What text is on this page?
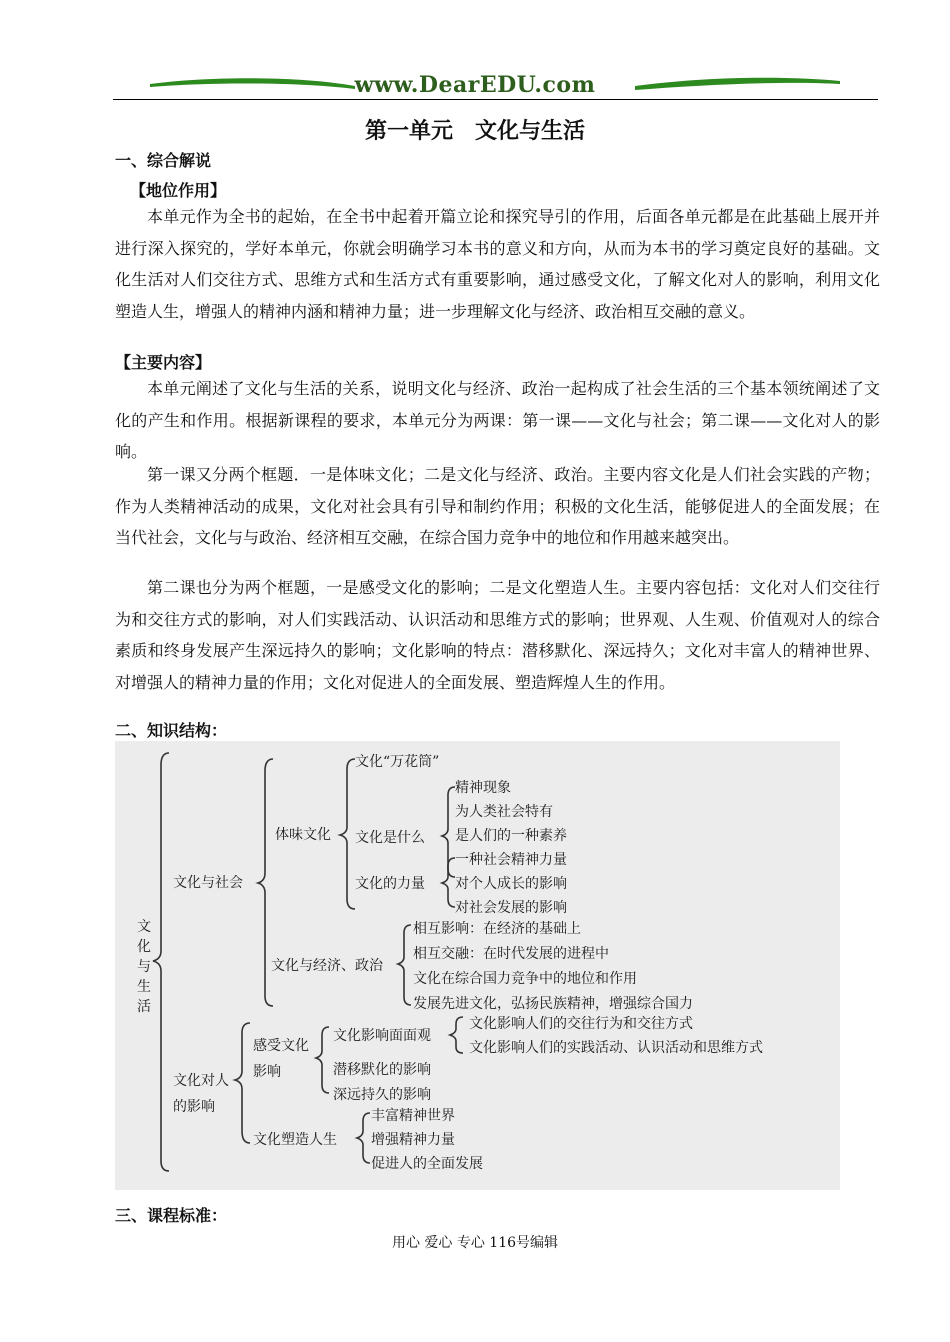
www.DearEDU.com
第一单元　文化与生活
一、综合解说
【地位作用】
本单元作为全书的起始，在全书中起着开篇立论和探究导引的作用，后面各单元都是在此基础上展开并进行深入探究的，学好本单元，你就会明确学习本书的意义和方向，从而为本书的学习奠定良好的基础。文化生活对人们交往方式、思维方式和生活方式有重要影响，通过感受文化，了解文化对人的影响，利用文化塑造人生，增强人的精神内涵和精神力量；进一步理解文化与经济、政治相互交融的意义。
【主要内容】
本单元阐述了文化与生活的关系，说明文化与经济、政治一起构成了社会生活的三个基本领统阐述了文化的产生和作用。根据新课程的要求，本单元分为两课：第一课——文化与社会；第二课——文化对人的影响。
第一课又分两个框题．一是体味文化；二是文化与经济、政治。主要内容文化是人们社会实践的产物；作为人类精神活动的成果，文化对社会具有引导和制约作用；积极的文化生活，能够促进人的全面发展；在当代社会，文化与与政治、经济相互交融，在综合国力竞争中的地位和作用越来越突出。
第二课也分为两个框题，一是感受文化的影响；二是文化塑造人生。主要内容包括：文化对人们交往行为和交往方式的影响，对人们实践活动、认识活动和思维方式的影响；世界观、人生观、价值观对人的综合素质和终身发展产生深远持久的影响；文化影响的特点：潜移默化、深远持久；文化对丰富人的精神世界、对增强人的精神力量的作用；文化对促进人的全面发展、塑造辉煌人生的作用。
二、知识结构：
文化与生活
文化与社会
体味文化
文化“万花筒”
文化是什么
精神现象
为人类社会特有
是人们的一种素养
文化的力量
一种社会精神力量
对个人成长的影响
对社会发展的影响
文化与经济、政治
相互影响：在经济的基础上
相互交融：在时代发展的进程中
文化在综合国力竞争中的地位和作用
发展先进文化，弘扬民族精神，增强综合国力
文化对人
的影响
感受文化
影响
文化影响面面观
文化影响人们的交往行为和交往方式
文化影响人们的实践活动、认识活动和思维方式
潜移默化的影响
深远持久的影响
文化塑造人生
丰富精神世界
增强精神力量
促进人的全面发展
三、课程标准：
用心 爱心 专心 116号编辑
